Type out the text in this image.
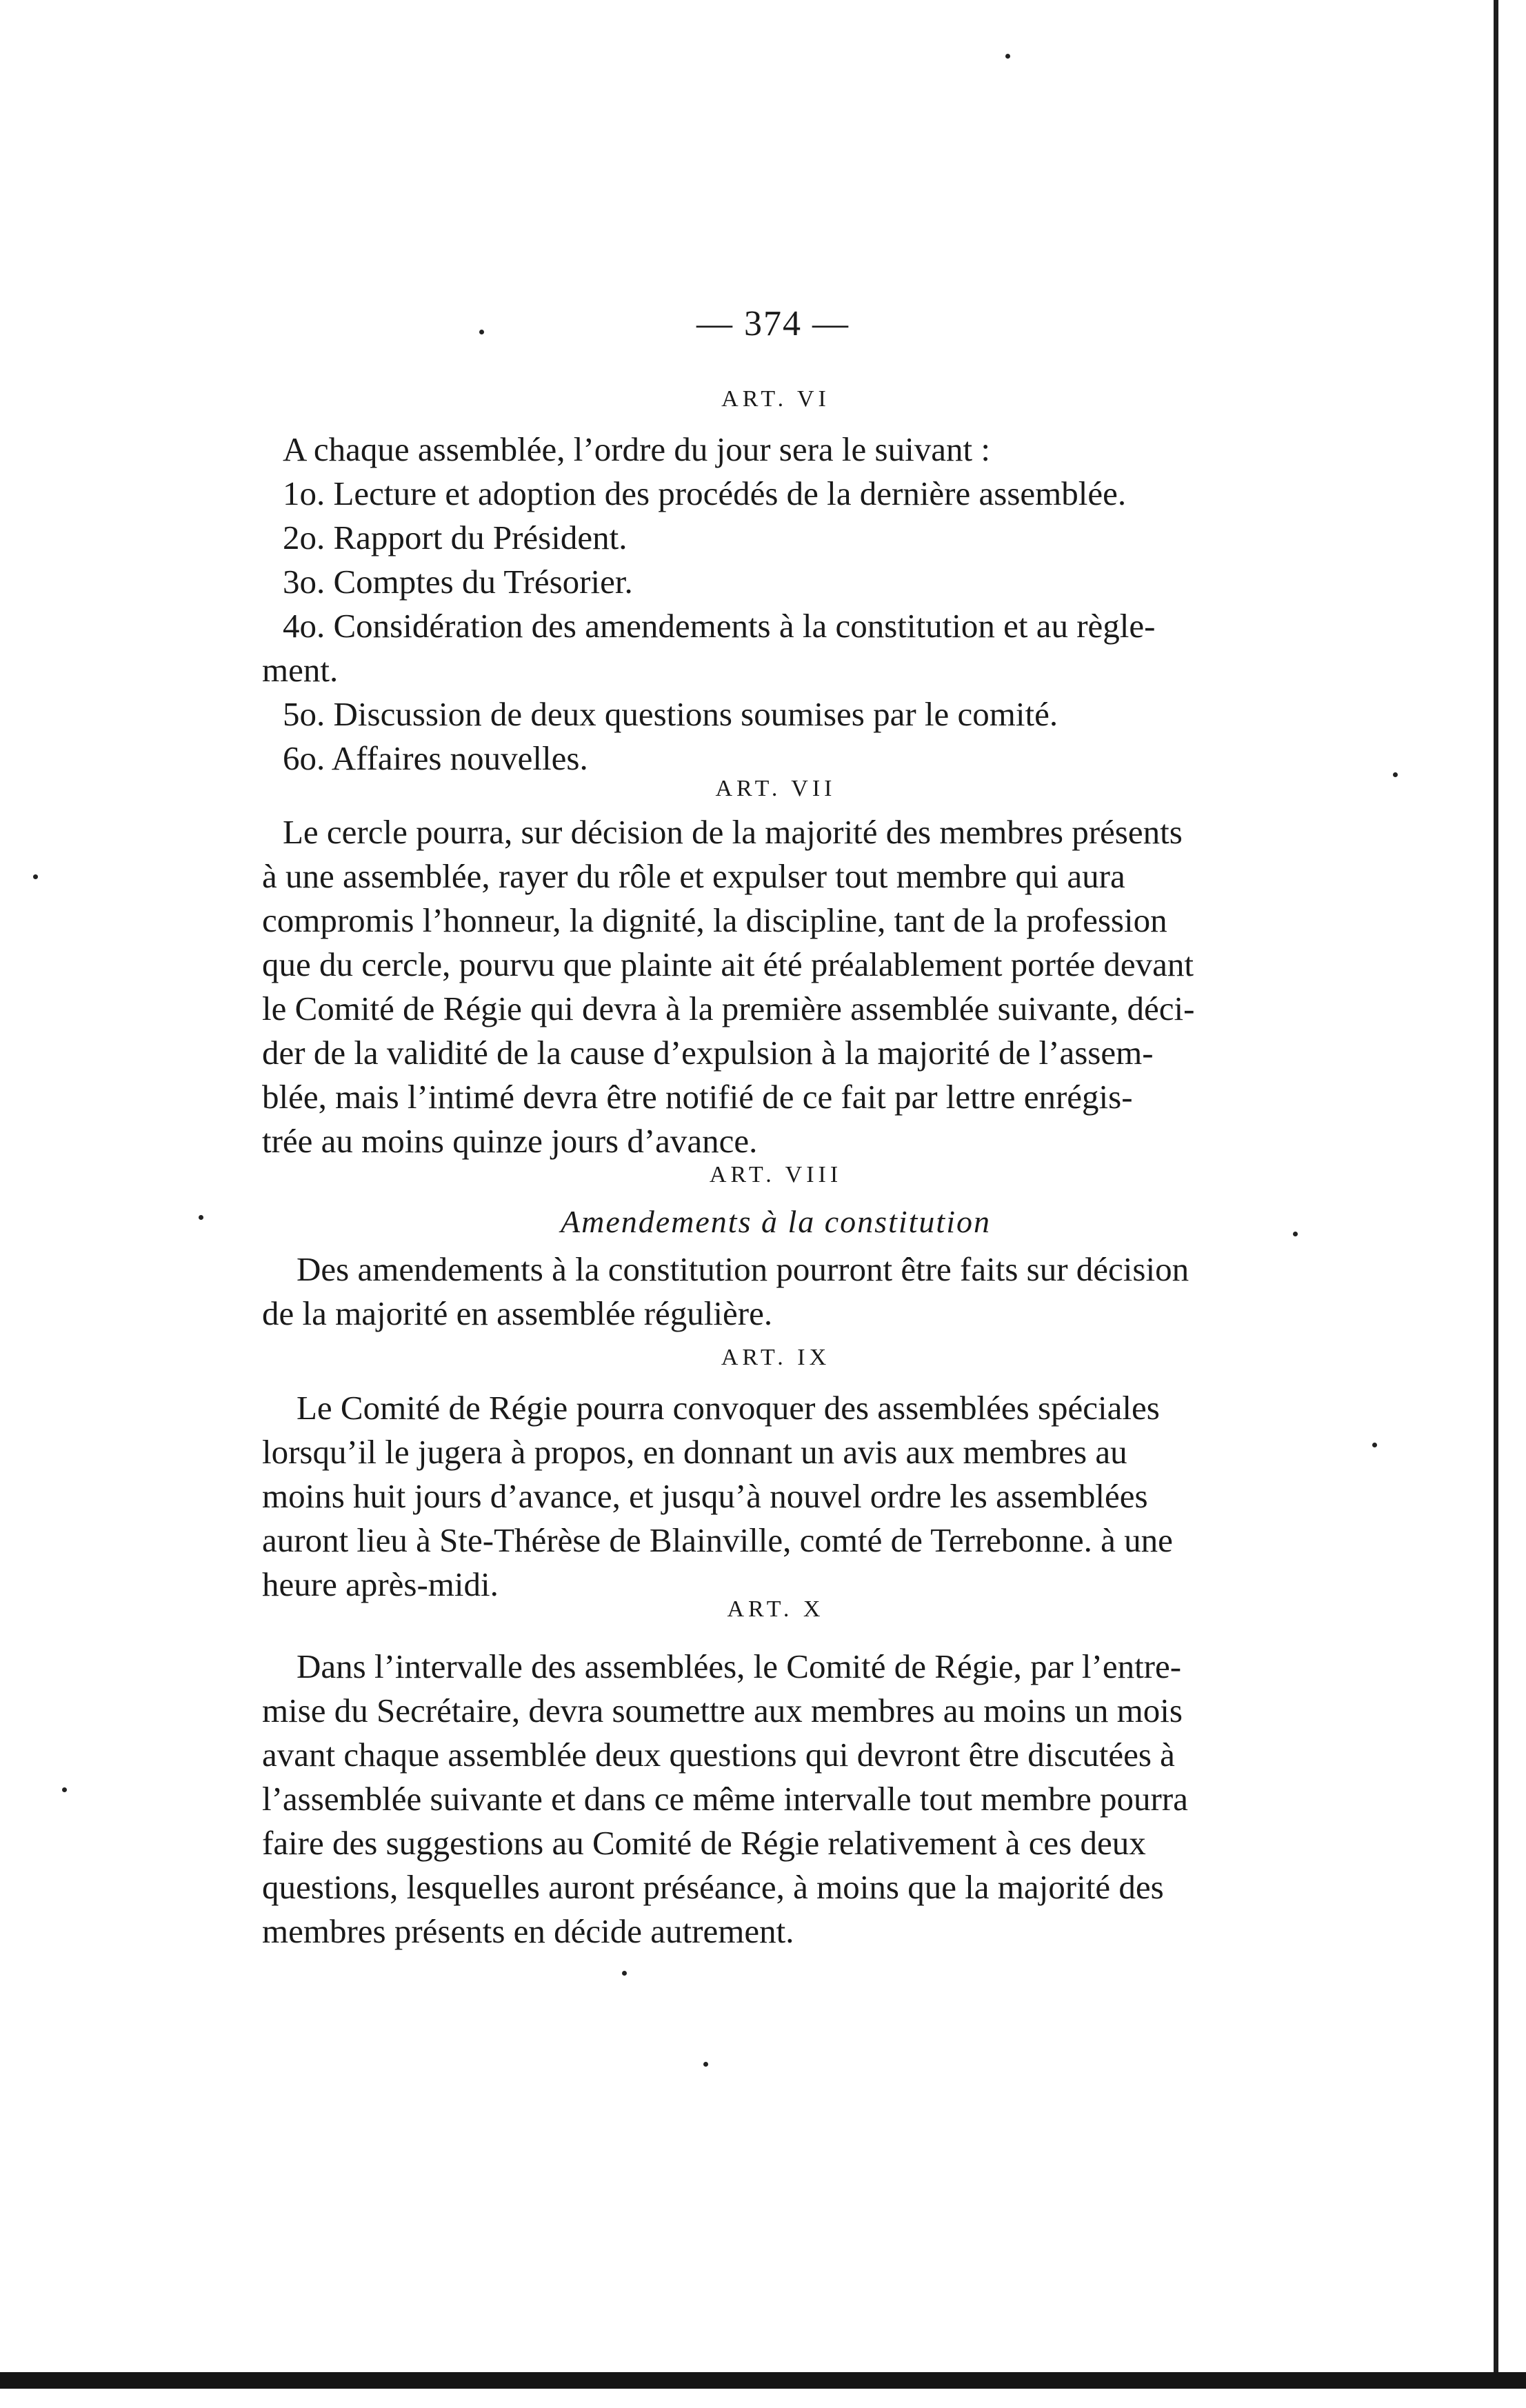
— 374 —
ART. VI
A chaque assemblée, l’ordre du jour sera le suivant :
1o. Lecture et adoption des procédés de la dernière assemblée.
2o. Rapport du Président.
3o. Comptes du Trésorier.
4o. Considération des amendements à la constitution et au règle-
ment.
5o. Discussion de deux questions soumises par le comité.
6o. Affaires nouvelles.
ART. VII
Le cercle pourra, sur décision de la majorité des membres présents
à une assemblée, rayer du rôle et expulser tout membre qui aura
compromis l’honneur, la dignité, la discipline, tant de la profession
que du cercle, pourvu que plainte ait été préalablement portée devant
le Comité de Régie qui devra à la première assemblée suivante, déci-
der de la validité de la cause d’expulsion à la majorité de l’assem-
blée, mais l’intimé devra être notifié de ce fait par lettre enrégis-
trée au moins quinze jours d’avance.
ART. VIII
Amendements à la constitution
Des amendements à la constitution pourront être faits sur décision
de la majorité en assemblée régulière.
ART. IX
Le Comité de Régie pourra convoquer des assemblées spéciales
lorsqu’il le jugera à propos, en donnant un avis aux membres au
moins huit jours d’avance, et jusqu’à nouvel ordre les assemblées
auront lieu à Ste-Thérèse de Blainville, comté de Terrebonne. à une
heure après-midi.
ART. X
Dans l’intervalle des assemblées, le Comité de Régie, par l’entre-
mise du Secrétaire, devra soumettre aux membres au moins un mois
avant chaque assemblée deux questions qui devront être discutées à
l’assemblée suivante et dans ce même intervalle tout membre pourra
faire des suggestions au Comité de Régie relativement à ces deux
questions, lesquelles auront préséance, à moins que la majorité des
membres présents en décide autrement.
